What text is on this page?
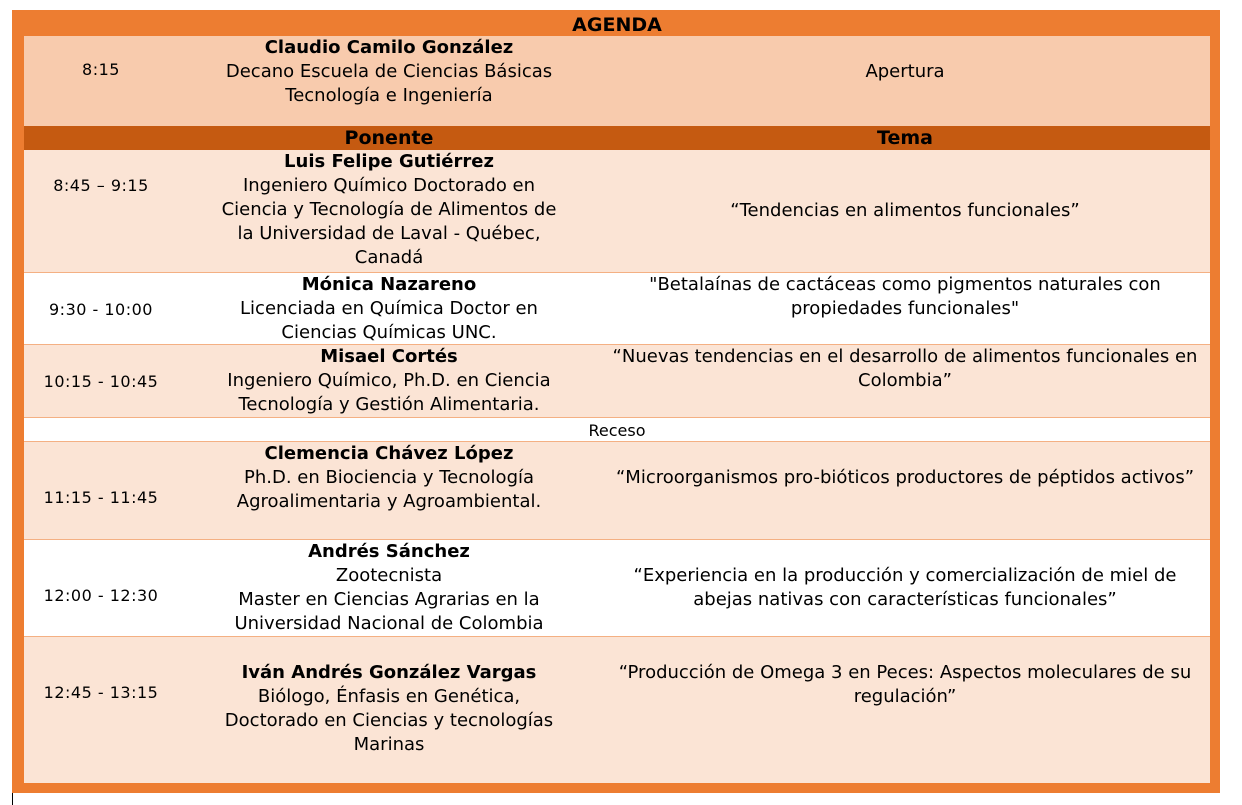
AGENDA
8:15
Claudio Camilo González
Decano Escuela de Ciencias Básicas
Tecnología e Ingeniería
Apertura
Ponente	Tema
8:45 – 9:15
Luis Felipe Gutiérrez
Ingeniero Químico Doctorado en
Ciencia y Tecnología de Alimentos de
la Universidad de Laval - Québec,
Canadá
“Tendencias en alimentos funcionales”
9:30 - 10:00
Mónica Nazareno
Licenciada en Química Doctor en
Ciencias Químicas UNC.
"Betalaínas de cactáceas como pigmentos naturales con propiedades funcionales"
10:15 - 10:45
Misael Cortés
Ingeniero Químico, Ph.D. en Ciencia
Tecnología y Gestión Alimentaria.
“Nuevas tendencias en el desarrollo de alimentos funcionales en Colombia”
Receso
11:15 - 11:45
Clemencia Chávez López
Ph.D. en Biociencia y Tecnología
Agroalimentaria y Agroambiental.
“Microorganismos pro-bióticos productores de péptidos activos”
12:00 - 12:30
Andrés Sánchez
Zootecnista
Master en Ciencias Agrarias en la
Universidad Nacional de Colombia
“Experiencia en la producción y comercialización de miel de abejas nativas con características funcionales”
12:45 - 13:15
Iván Andrés González Vargas
Biólogo, Énfasis en Genética,
Doctorado en Ciencias y tecnologías
Marinas
“Producción de Omega 3 en Peces: Aspectos moleculares de su regulación”
